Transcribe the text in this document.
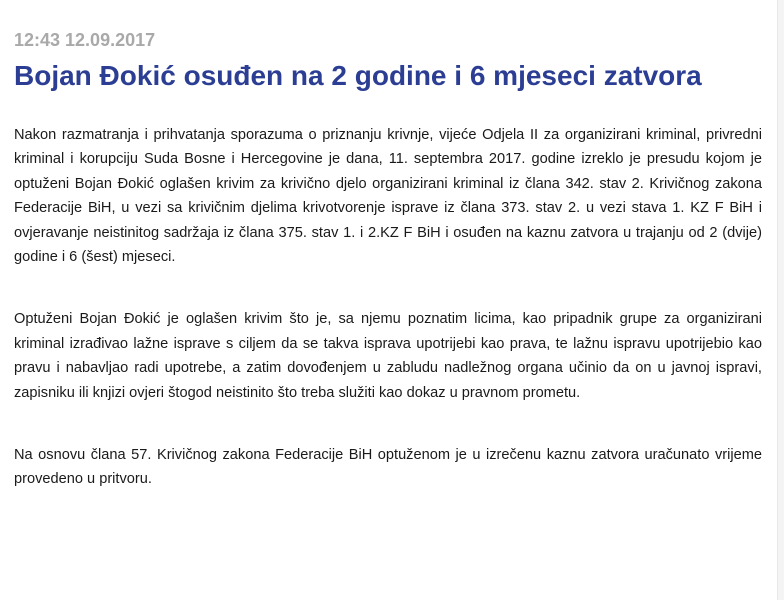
12:43 12.09.2017
Bojan Đokić osuđen na 2 godine i 6 mjeseci zatvora

Nakon razmatranja i prihvatanja sporazuma o priznanju krivnje, vijeće Odjela II za organizirani kriminal, privredni kriminal i korupciju Suda Bosne i Hercegovine je dana, 11. septembra 2017. godine izreklo je presudu kojom je optuženi Bojan Đokić oglašen krivim za krivično djelo organizirani kriminal iz člana 342. stav 2. Krivičnog zakona Federacije BiH, u vezi sa krivičnim djelima krivotvorenje isprave iz člana 373. stav 2. u vezi stava 1. KZ F BiH i ovjeravanje neistinitog sadržaja iz člana 375. stav 1. i 2.KZ F BiH i osuđen na kaznu zatvora u trajanju od 2 (dvije) godine i 6 (šest) mjeseci.

Optuženi Bojan Đokić je oglašen krivim što je, sa njemu poznatim licima, kao pripadnik grupe za organizirani kriminal izrađivao lažne isprave s ciljem da se takva isprava upotrijebi kao prava, te lažnu ispravu upotrijebio kao pravu i nabavljao radi upotrebe, a zatim dovođenjem u zabludu nadležnog organa učinio da on u javnoj ispravi, zapisniku ili knjizi ovjeri štogod neistinito što treba služiti kao dokaz u pravnom prometu.

Na osnovu člana 57. Krivičnog zakona Federacije BiH optuženom je u izrečenu kaznu zatvora uračunato vrijeme provedeno u pritvoru.
